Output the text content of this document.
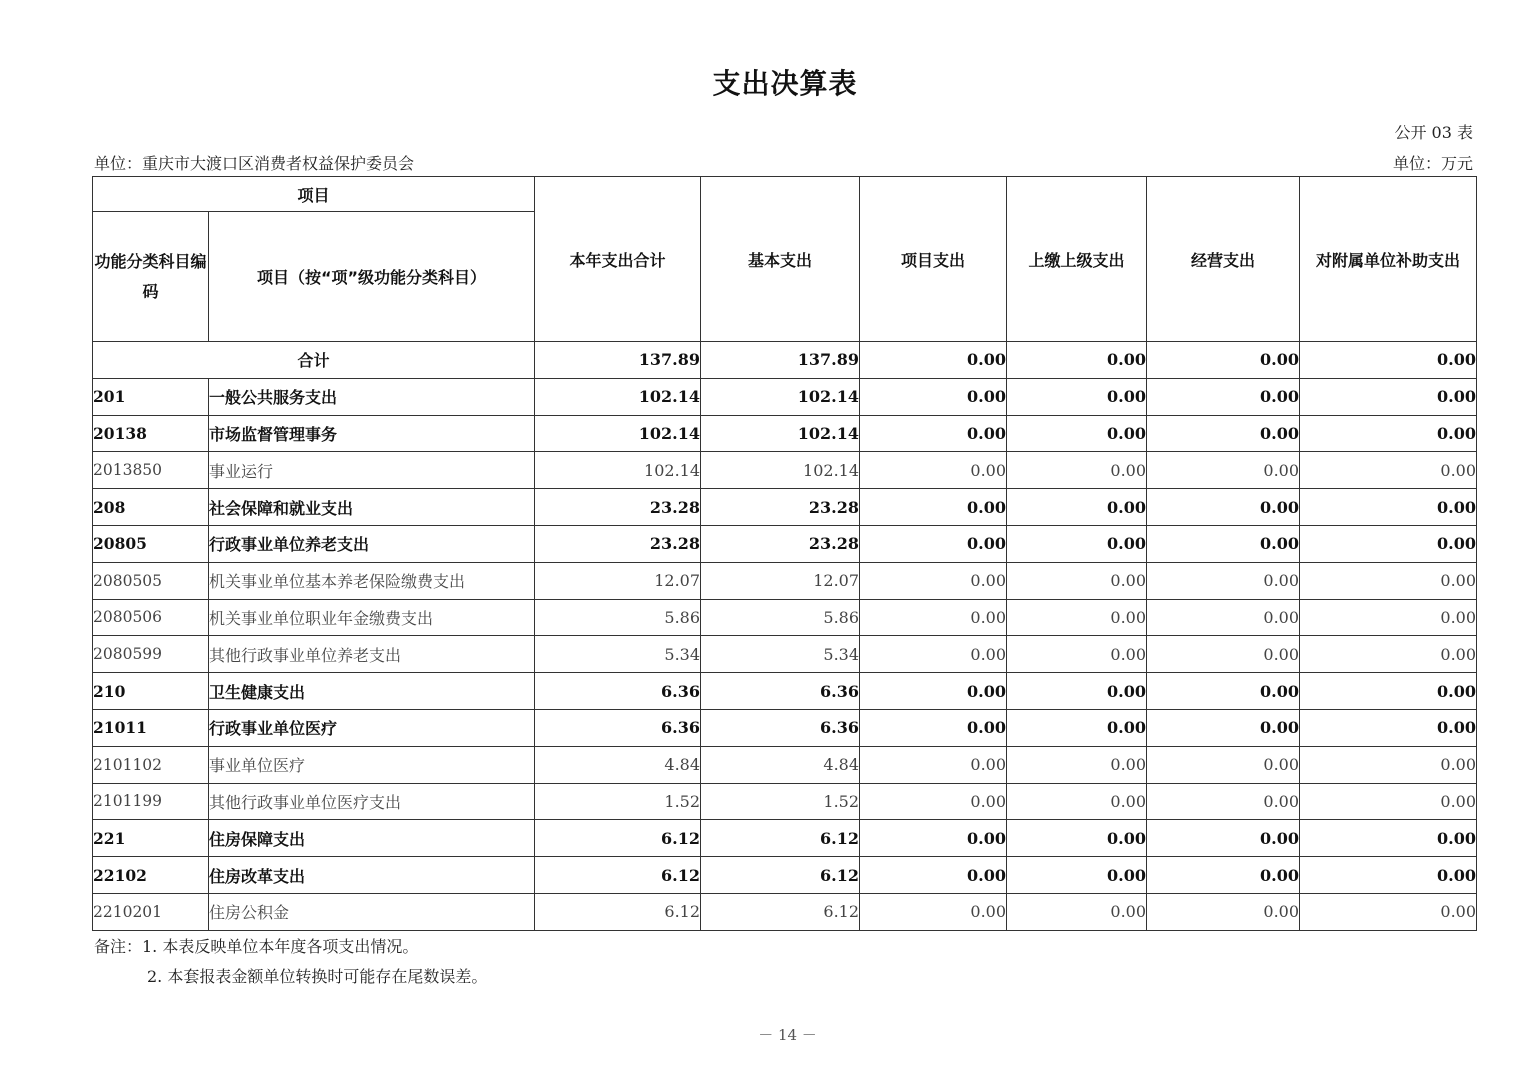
支出决算表
公开 03 表
单位：重庆市大渡口区消费者权益保护委员会	单位：万元
项目		本年支出合计	基本支出	项目支出	上缴上级支出	经营支出	对附属单位补助支出
功能分类科目编码	项目（按“项”级功能分类科目）						
合计		137.89	137.89	0.00	0.00	0.00	0.00
201	一般公共服务支出	102.14	102.14	0.00	0.00	0.00	0.00
20138	市场监督管理事务	102.14	102.14	0.00	0.00	0.00	0.00
2013850	事业运行	102.14	102.14	0.00	0.00	0.00	0.00
208	社会保障和就业支出	23.28	23.28	0.00	0.00	0.00	0.00
20805	行政事业单位养老支出	23.28	23.28	0.00	0.00	0.00	0.00
2080505	机关事业单位基本养老保险缴费支出	12.07	12.07	0.00	0.00	0.00	0.00
2080506	机关事业单位职业年金缴费支出	5.86	5.86	0.00	0.00	0.00	0.00
2080599	其他行政事业单位养老支出	5.34	5.34	0.00	0.00	0.00	0.00
210	卫生健康支出	6.36	6.36	0.00	0.00	0.00	0.00
21011	行政事业单位医疗	6.36	6.36	0.00	0.00	0.00	0.00
2101102	事业单位医疗	4.84	4.84	0.00	0.00	0.00	0.00
2101199	其他行政事业单位医疗支出	1.52	1.52	0.00	0.00	0.00	0.00
221	住房保障支出	6.12	6.12	0.00	0.00	0.00	0.00
22102	住房改革支出	6.12	6.12	0.00	0.00	0.00	0.00
2210201	住房公积金	6.12	6.12	0.00	0.00	0.00	0.00
备注：1. 本表反映单位本年度各项支出情况。
2. 本套报表金额单位转换时可能存在尾数误差。
－ 14 －
